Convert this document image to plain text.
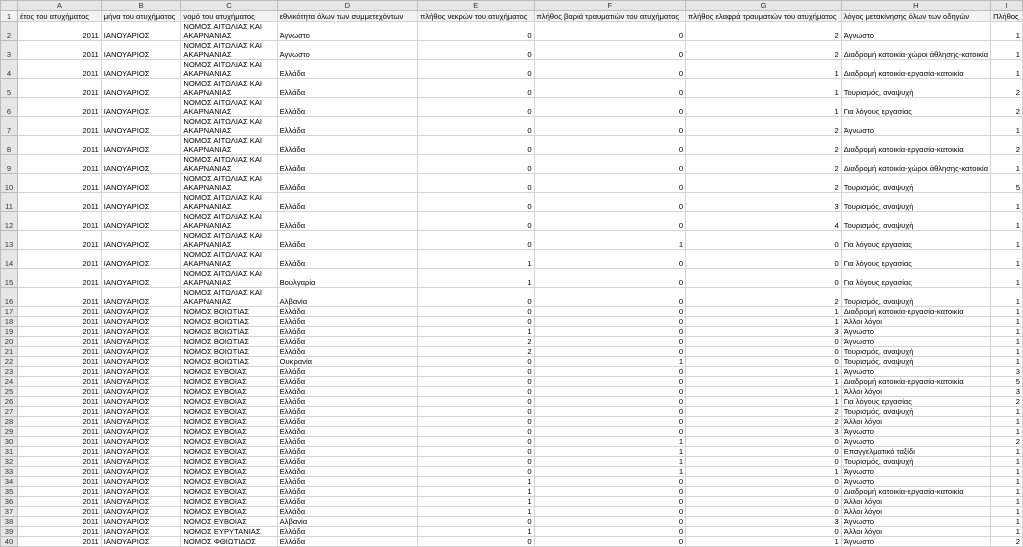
	A	B	C	D	E	F	G	H	I
1	έτος του ατυχήματος	μήνα του ατυχήματος	νομό του ατυχήματος	εθνικότητα όλων των συμμετεχόντων	πλήθος νεκρών του ατυχήματος	πλήθος βαριά τραυματιών του ατυχήματος	πλήθος ελαφρά τραυματιών του ατυχήματος	λόγος μετακίνησης όλων των οδηγών	Πλήθος
2	2011	ΙΑΝΟΥΑΡΙΟΣ	ΝΟΜΟΣ ΑΙΤΩΛΙΑΣ ΚΑΙ ΑΚΑΡΝΑΝΙΑΣ	Άγνωστο	0	0	2	Άγνωστο	1
3	2011	ΙΑΝΟΥΑΡΙΟΣ	ΝΟΜΟΣ ΑΙΤΩΛΙΑΣ ΚΑΙ ΑΚΑΡΝΑΝΙΑΣ	Άγνωστο	0	0	2	Διαδρομή κατοικία-χώροι άθλησης-κατοικία	1
4	2011	ΙΑΝΟΥΑΡΙΟΣ	ΝΟΜΟΣ ΑΙΤΩΛΙΑΣ ΚΑΙ ΑΚΑΡΝΑΝΙΑΣ	Ελλάδα	0	0	1	Διαδρομή κατοικία-εργασία-κατοικία	1
5	2011	ΙΑΝΟΥΑΡΙΟΣ	ΝΟΜΟΣ ΑΙΤΩΛΙΑΣ ΚΑΙ ΑΚΑΡΝΑΝΙΑΣ	Ελλάδα	0	0	1	Τουρισμός, αναψυχή	2
6	2011	ΙΑΝΟΥΑΡΙΟΣ	ΝΟΜΟΣ ΑΙΤΩΛΙΑΣ ΚΑΙ ΑΚΑΡΝΑΝΙΑΣ	Ελλάδα	0	0	1	Για λόγους εργασίας	2
7	2011	ΙΑΝΟΥΑΡΙΟΣ	ΝΟΜΟΣ ΑΙΤΩΛΙΑΣ ΚΑΙ ΑΚΑΡΝΑΝΙΑΣ	Ελλάδα	0	0	2	Άγνωστο	1
8	2011	ΙΑΝΟΥΑΡΙΟΣ	ΝΟΜΟΣ ΑΙΤΩΛΙΑΣ ΚΑΙ ΑΚΑΡΝΑΝΙΑΣ	Ελλάδα	0	0	2	Διαδρομή κατοικία-εργασία-κατοικία	2
9	2011	ΙΑΝΟΥΑΡΙΟΣ	ΝΟΜΟΣ ΑΙΤΩΛΙΑΣ ΚΑΙ ΑΚΑΡΝΑΝΙΑΣ	Ελλάδα	0	0	2	Διαδρομή κατοικία-χώροι άθλησης-κατοικία	1
10	2011	ΙΑΝΟΥΑΡΙΟΣ	ΝΟΜΟΣ ΑΙΤΩΛΙΑΣ ΚΑΙ ΑΚΑΡΝΑΝΙΑΣ	Ελλάδα	0	0	2	Τουρισμός, αναψυχή	5
11	2011	ΙΑΝΟΥΑΡΙΟΣ	ΝΟΜΟΣ ΑΙΤΩΛΙΑΣ ΚΑΙ ΑΚΑΡΝΑΝΙΑΣ	Ελλάδα	0	0	3	Τουρισμός, αναψυχή	1
12	2011	ΙΑΝΟΥΑΡΙΟΣ	ΝΟΜΟΣ ΑΙΤΩΛΙΑΣ ΚΑΙ ΑΚΑΡΝΑΝΙΑΣ	Ελλάδα	0	0	4	Τουρισμός, αναψυχή	1
13	2011	ΙΑΝΟΥΑΡΙΟΣ	ΝΟΜΟΣ ΑΙΤΩΛΙΑΣ ΚΑΙ ΑΚΑΡΝΑΝΙΑΣ	Ελλάδα	0	1	0	Για λόγους εργασίας	1
14	2011	ΙΑΝΟΥΑΡΙΟΣ	ΝΟΜΟΣ ΑΙΤΩΛΙΑΣ ΚΑΙ ΑΚΑΡΝΑΝΙΑΣ	Ελλάδα	1	0	0	Για λόγους εργασίας	1
15	2011	ΙΑΝΟΥΑΡΙΟΣ	ΝΟΜΟΣ ΑΙΤΩΛΙΑΣ ΚΑΙ ΑΚΑΡΝΑΝΙΑΣ	Βουλγαρία	1	0	0	Για λόγους εργασίας	1
16	2011	ΙΑΝΟΥΑΡΙΟΣ	ΝΟΜΟΣ ΑΙΤΩΛΙΑΣ ΚΑΙ ΑΚΑΡΝΑΝΙΑΣ	Αλβανία	0	0	2	Τουρισμός, αναψυχή	1
17	2011	ΙΑΝΟΥΑΡΙΟΣ	ΝΟΜΟΣ ΒΟΙΩΤΙΑΣ	Ελλάδα	0	0	1	Διαδρομή κατοικία-εργασία-κατοικία	1
18	2011	ΙΑΝΟΥΑΡΙΟΣ	ΝΟΜΟΣ ΒΟΙΩΤΙΑΣ	Ελλάδα	0	0	1	Άλλοι λόγοι	1
19	2011	ΙΑΝΟΥΑΡΙΟΣ	ΝΟΜΟΣ ΒΟΙΩΤΙΑΣ	Ελλάδα	1	0	3	Άγνωστο	1
20	2011	ΙΑΝΟΥΑΡΙΟΣ	ΝΟΜΟΣ ΒΟΙΩΤΙΑΣ	Ελλάδα	2	0	0	Άγνωστο	1
21	2011	ΙΑΝΟΥΑΡΙΟΣ	ΝΟΜΟΣ ΒΟΙΩΤΙΑΣ	Ελλάδα	2	0	0	Τουρισμός, αναψυχή	1
22	2011	ΙΑΝΟΥΑΡΙΟΣ	ΝΟΜΟΣ ΒΟΙΩΤΙΑΣ	Ουκρανία	0	1	0	Τουρισμός, αναψυχή	1
23	2011	ΙΑΝΟΥΑΡΙΟΣ	ΝΟΜΟΣ ΕΥΒΟΙΑΣ	Ελλάδα	0	0	1	Άγνωστο	3
24	2011	ΙΑΝΟΥΑΡΙΟΣ	ΝΟΜΟΣ ΕΥΒΟΙΑΣ	Ελλάδα	0	0	1	Διαδρομή κατοικία-εργασία-κατοικία	5
25	2011	ΙΑΝΟΥΑΡΙΟΣ	ΝΟΜΟΣ ΕΥΒΟΙΑΣ	Ελλάδα	0	0	1	Άλλοι λόγοι	3
26	2011	ΙΑΝΟΥΑΡΙΟΣ	ΝΟΜΟΣ ΕΥΒΟΙΑΣ	Ελλάδα	0	0	1	Για λόγους εργασίας	2
27	2011	ΙΑΝΟΥΑΡΙΟΣ	ΝΟΜΟΣ ΕΥΒΟΙΑΣ	Ελλάδα	0	0	2	Τουρισμός, αναψυχή	1
28	2011	ΙΑΝΟΥΑΡΙΟΣ	ΝΟΜΟΣ ΕΥΒΟΙΑΣ	Ελλάδα	0	0	2	Άλλοι λόγοι	1
29	2011	ΙΑΝΟΥΑΡΙΟΣ	ΝΟΜΟΣ ΕΥΒΟΙΑΣ	Ελλάδα	0	0	3	Άγνωστο	1
30	2011	ΙΑΝΟΥΑΡΙΟΣ	ΝΟΜΟΣ ΕΥΒΟΙΑΣ	Ελλάδα	0	1	0	Άγνωστο	2
31	2011	ΙΑΝΟΥΑΡΙΟΣ	ΝΟΜΟΣ ΕΥΒΟΙΑΣ	Ελλάδα	0	1	0	Επαγγελματικό ταξίδι	1
32	2011	ΙΑΝΟΥΑΡΙΟΣ	ΝΟΜΟΣ ΕΥΒΟΙΑΣ	Ελλάδα	0	1	0	Τουρισμός, αναψυχή	1
33	2011	ΙΑΝΟΥΑΡΙΟΣ	ΝΟΜΟΣ ΕΥΒΟΙΑΣ	Ελλάδα	0	1	1	Άγνωστο	1
34	2011	ΙΑΝΟΥΑΡΙΟΣ	ΝΟΜΟΣ ΕΥΒΟΙΑΣ	Ελλάδα	1	0	0	Άγνωστο	1
35	2011	ΙΑΝΟΥΑΡΙΟΣ	ΝΟΜΟΣ ΕΥΒΟΙΑΣ	Ελλάδα	1	0	0	Διαδρομή κατοικία-εργασία-κατοικία	1
36	2011	ΙΑΝΟΥΑΡΙΟΣ	ΝΟΜΟΣ ΕΥΒΟΙΑΣ	Ελλάδα	1	0	0	Άλλοι λόγοι	1
37	2011	ΙΑΝΟΥΑΡΙΟΣ	ΝΟΜΟΣ ΕΥΒΟΙΑΣ	Ελλάδα	1	0	0	Άλλοι λόγοι	1
38	2011	ΙΑΝΟΥΑΡΙΟΣ	ΝΟΜΟΣ ΕΥΒΟΙΑΣ	Αλβανία	0	0	3	Άγνωστο	1
39	2011	ΙΑΝΟΥΑΡΙΟΣ	ΝΟΜΟΣ ΕΥΡΥΤΑΝΙΑΣ	Ελλάδα	1	0	0	Άλλοι λόγοι	1
40	2011	ΙΑΝΟΥΑΡΙΟΣ	ΝΟΜΟΣ ΦΘΙΩΤΙΔΟΣ	Ελλάδα	0	0	1	Άγνωστο	2
